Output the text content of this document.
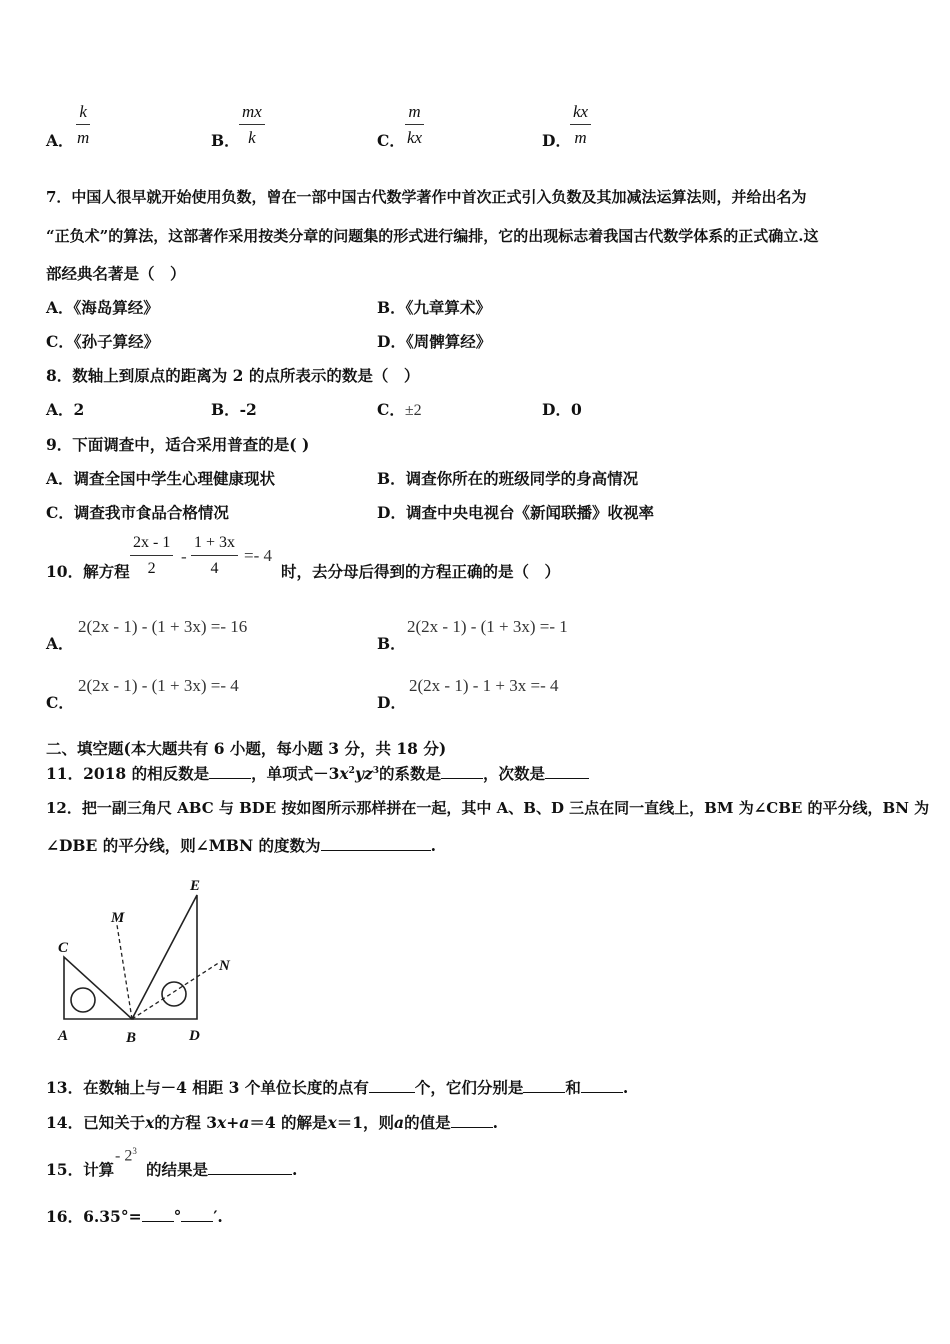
A． $\frac{k}{m}$	B． $\frac{mx}{k}$	C． $\frac{m}{kx}$	D． $\frac{kx}{m}$
7．中国人很早就开始使用负数，曾在一部中国古代数学著作中首次正式引入负数及其加减法运算法则，并给出名为
“正负术”的算法，这部著作采用按类分章的问题集的形式进行编排，它的出现标志着我国古代数学体系的正式确立.这
部经典名著是（　）
A．《海岛算经》	B．《九章算术》
C．《孙子算经》	D．《周髀算经》
8．数轴上到原点的距离为 2 的点所表示的数是（　）
A．2	B．-2	C．±2	D．0
9．下面调查中，适合采用普查的是( )
A．调查全国中学生心理健康现状	B．调查你所在的班级同学的身高情况
C．调查我市食品合格情况	D．调查中央电视台《新闻联播》收视率
10．解方程 $\frac{2x - 1}{2} - \frac{1 + 3x}{4} =- 4$
时，去分母后得到的方程正确的是（　）
A．
2(2x - 1) - (1 + 3x) =- 16
B．
2(2x - 1) - (1 + 3x) =- 1
C．
2(2x - 1) - (1 + 3x) =- 4
D．
2(2x - 1) - 1 + 3x =- 4
二、填空题(本大题共有 6 小题，每小题 3 分，共 18 分)
11．2018 的相反数是	，单项式$-3x^2yz^3$的系数是	，次数是
12．把一副三角尺 ABC 与 BDE 按如图所示那样拼在一起，其中 A、B、D 三点在同一直线上，BM 为∠CBE 的平分线，BN 为
∠DBE 的平分线，则∠MBN 的度数为	.
E
M
C
N
A	B	D
13．在数轴上与－4 相距 3 个单位长度的点有	个，它们分别是	和	.
14．已知关于x的方程 3x+a＝4 的解是x＝1，则a的值是	.
15．计算
- $2^3$
的结果是	.
16．6.35°= ° ′.
